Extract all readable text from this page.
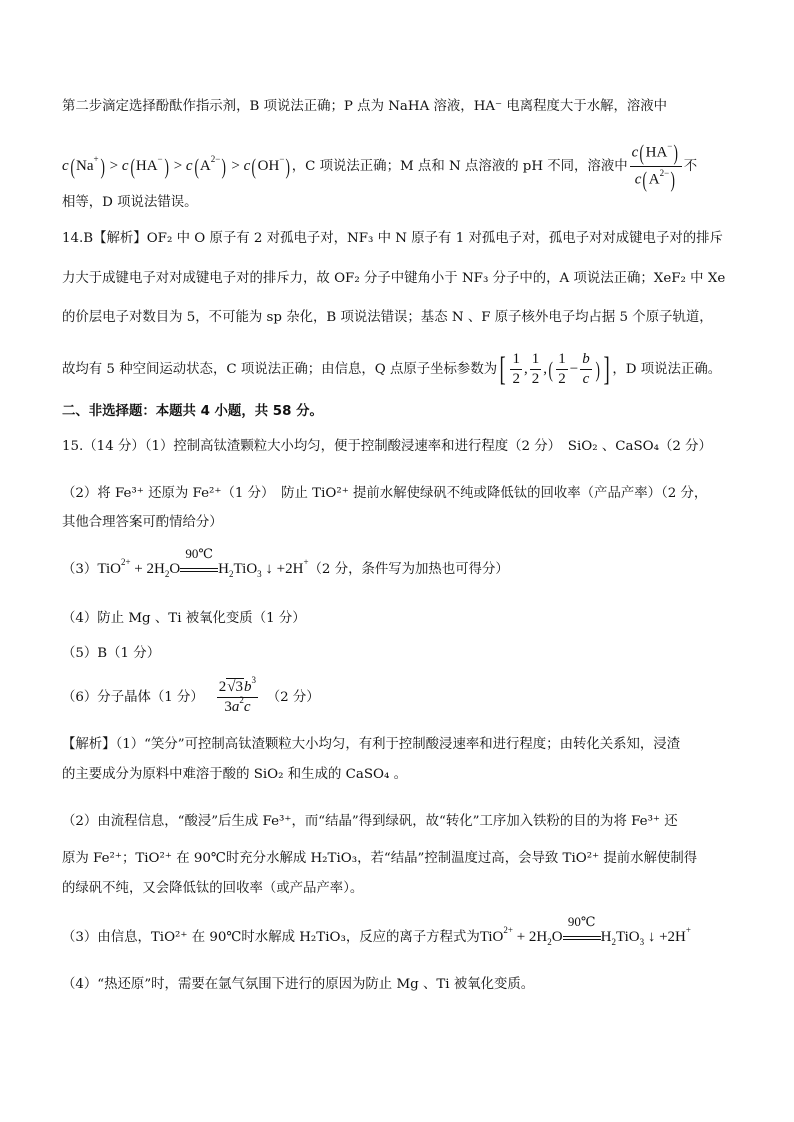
第二步滴定选择酚酞作指示剂，B 项说法正确；P 点为 NaHA 溶液，HA⁻ 电离程度大于水解，溶液中
$c(Na^+) > c(HA^-) > c(A^{2-}) > c(OH^-)$，C 项说法正确；M 点和 N 点溶液的 pH 不同，溶液中 $\frac{c(HA^-)}{c(A^{2-})}$ 不
相等，D 项说法错误。
14.B【解析】OF₂ 中 O 原子有 2 对孤电子对，NF₃ 中 N 原子有 1 对孤电子对，孤电子对对成键电子对的排斥
力大于成键电子对对成键电子对的排斥力，故 OF₂ 分子中键角小于 NF₃ 分子中的，A 项说法正确；XeF₂ 中 Xe
的价层电子对数目为 5，不可能为 sp 杂化，B 项说法错误；基态 N 、F 原子核外电子均占据 5 个原子轨道，
故均有 5 种空间运动状态，C 项说法正确；由信息，Q 点原子坐标参数为[ $\frac{1}{2}$ , $\frac{1}{2}$ ,( $\frac{1}{2} - \frac{b}{c}$ ) ] ，D 项说法正确。
二、非选择题：本题共 4 小题，共 58 分。
15.（14 分）（1）控制高钛渣颗粒大小均匀，便于控制酸浸速率和进行程度（2 分）　 SiO₂ 、CaSO₄（2 分）
（2）将 Fe³⁺ 还原为 Fe²⁺（1 分）　防止 TiO²⁺ 提前水解使绿矾不纯或降低钛的回收率（产品产率）（2 分，
其他合理答案可酌情给分）
$(3)TiO^{2+} + 2H_2O$
90℃
$H_2TiO_3$ ↓ +2H+（2 分，条件写为加热也可得分）
（4）防止 Mg 、Ti 被氧化变质（1 分）
（5）B（1 分）
（6）分子晶体（1 分）　 $\frac{2√3b^3}{3a^2c}$
　 （2 分）
【解析】（1）“笑分”可控制高钛渣颗粒大小均匀，有利于控制酸浸速率和进行程度；由转化关系知，浸渣
的主要成分为原料中难溶于酸的 SiO₂ 和生成的 CaSO₄ 。
（2）由流程信息，“酸浸”后生成 Fe³⁺，而“结晶”得到绿矾，故“转化”工序加入铁粉的目的为将 Fe³⁺ 还
原为 Fe²⁺；TiO²⁺ 在 90℃时充分水解成 H₂TiO₃，若“结晶”控制温度过高，会导致 TiO²⁺ 提前水解使制得
的绿矾不纯，又会降低钛的回收率（或产品产率）。
（3）由信息，TiO²⁺ 在 90℃时水解成 H₂TiO₃，反应的离子方程式为$TiO^{2+} + 2H_2O$
90℃
$H_2TiO_3$ ↓ +2H+
（4）“热还原”时，需要在氩气氛围下进行的原因为防止 Mg 、Ti 被氧化变质。
